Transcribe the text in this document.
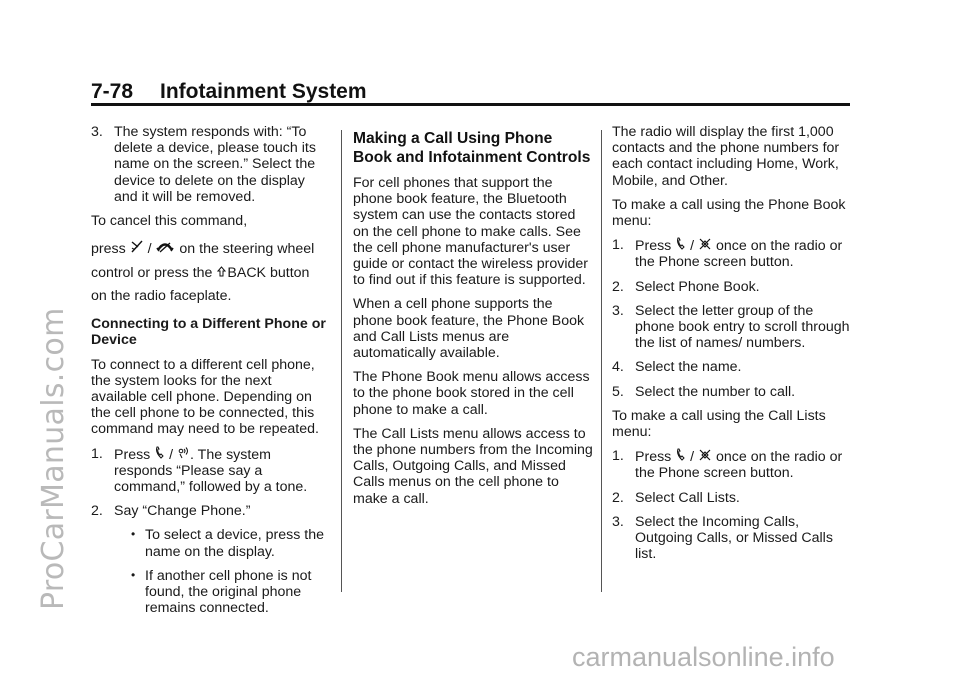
7-78 Infotainment System
3. The system responds with: “To delete a device, please touch its name on the screen.” Select the device to delete on the display and it will be removed.

To cancel this command,

press  /  on the steering wheel control or press the BACK button on the radio faceplate.

Connecting to a Different Phone or Device

To connect to a different cell phone, the system looks for the next available cell phone. Depending on the cell phone to be connected, this command may need to be repeated.

1. Press  / . The system responds “Please say a command,” followed by a tone.
2. Say “Change Phone.”
• To select a device, press the name on the display.
• If another cell phone is not found, the original phone remains connected.

Making a Call Using Phone Book and Infotainment Controls

For cell phones that support the phone book feature, the Bluetooth system can use the contacts stored on the cell phone to make calls. See the cell phone manufacturer's user guide or contact the wireless provider to find out if this feature is supported.

When a cell phone supports the phone book feature, the Phone Book and Call Lists menus are automatically available.

The Phone Book menu allows access to the phone book stored in the cell phone to make a call.

The Call Lists menu allows access to the phone numbers from the Incoming Calls, Outgoing Calls, and Missed Calls menus on the cell phone to make a call.

The radio will display the first 1,000 contacts and the phone numbers for each contact including Home, Work, Mobile, and Other.

To make a call using the Phone Book menu:

1. Press  /  once on the radio or the Phone screen button.
2. Select Phone Book.
3. Select the letter group of the phone book entry to scroll through the list of names/ numbers.
4. Select the name.
5. Select the number to call.

To make a call using the Call Lists menu:

1. Press  /  once on the radio or the Phone screen button.
2. Select Call Lists.
3. Select the Incoming Calls, Outgoing Calls, or Missed Calls list.
ProCarManuals.com
carmanualsonline.info
